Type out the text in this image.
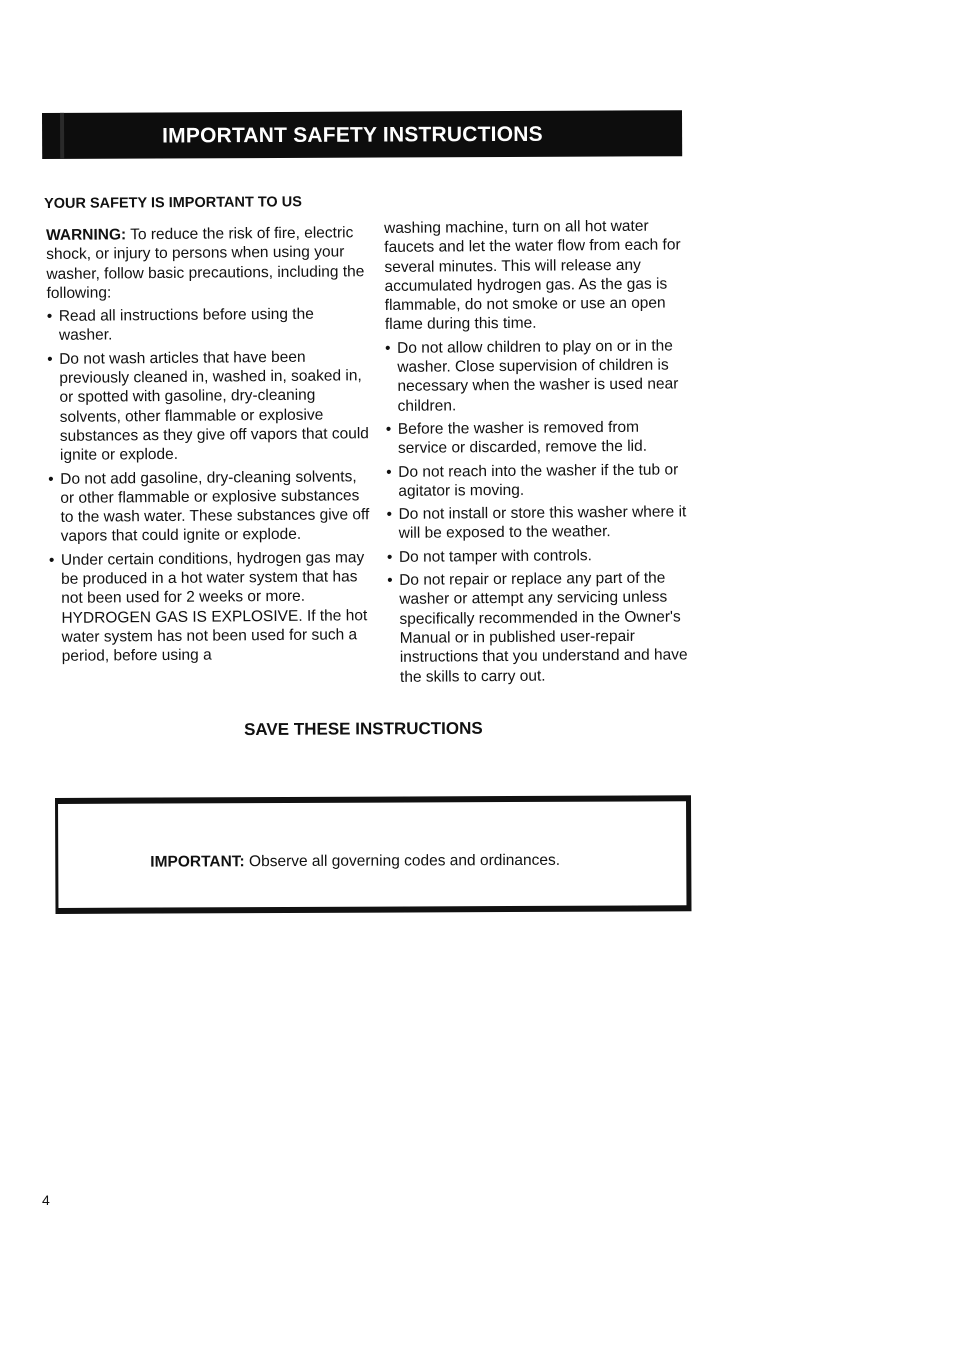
IMPORTANT SAFETY INSTRUCTIONS
YOUR SAFETY IS IMPORTANT TO US

WARNING: To reduce the risk of fire, electric shock, or injury to persons when using your washer, follow basic precautions, including the following:

• Read all instructions before using the washer.
• Do not wash articles that have been previously cleaned in, washed in, soaked in, or spotted with gasoline, dry-cleaning solvents, other flammable or explosive substances as they give off vapors that could ignite or explode.
• Do not add gasoline, dry-cleaning solvents, or other flammable or explosive substances to the wash water. These substances give off vapors that could ignite or explode.
• Under certain conditions, hydrogen gas may be produced in a hot water system that has not been used for 2 weeks or more. HYDROGEN GAS IS EXPLOSIVE. If the hot water system has not been used for such a period, before using a

washing machine, turn on all hot water faucets and let the water flow from each for several minutes. This will release any accumulated hydrogen gas. As the gas is flammable, do not smoke or use an open flame during this time.

• Do not allow children to play on or in the washer. Close supervision of children is necessary when the washer is used near children.
• Before the washer is removed from service or discarded, remove the lid.
• Do not reach into the washer if the tub or agitator is moving.
• Do not install or store this washer where it will be exposed to the weather.
• Do not tamper with controls.
• Do not repair or replace any part of the washer or attempt any servicing unless specifically recommended in the Owner's Manual or in published user-repair instructions that you understand and have the skills to carry out.
SAVE THESE INSTRUCTIONS
IMPORTANT: Observe all governing codes and ordinances.
4
